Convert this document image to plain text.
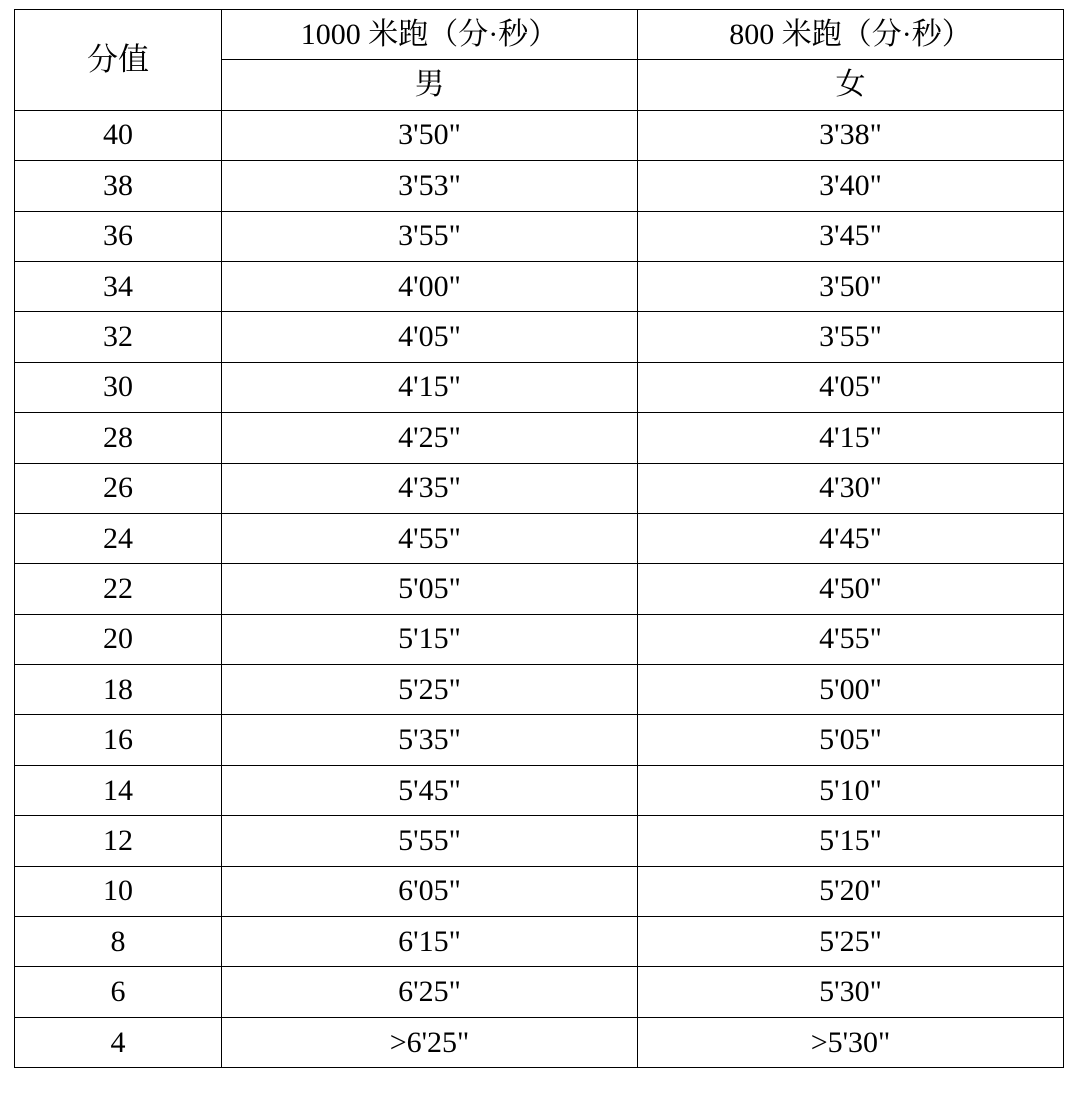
分值	1000 米跑（分·秒）	800 米跑（分·秒）
	男	女
40	3'50"	3'38"
38	3'53"	3'40"
36	3'55"	3'45"
34	4'00"	3'50"
32	4'05"	3'55"
30	4'15"	4'05"
28	4'25"	4'15"
26	4'35"	4'30"
24	4'55"	4'45"
22	5'05"	4'50"
20	5'15"	4'55"
18	5'25"	5'00"
16	5'35"	5'05"
14	5'45"	5'10"
12	5'55"	5'15"
10	6'05"	5'20"
8	6'15"	5'25"
6	6'25"	5'30"
4	>6'25"	>5'30"
